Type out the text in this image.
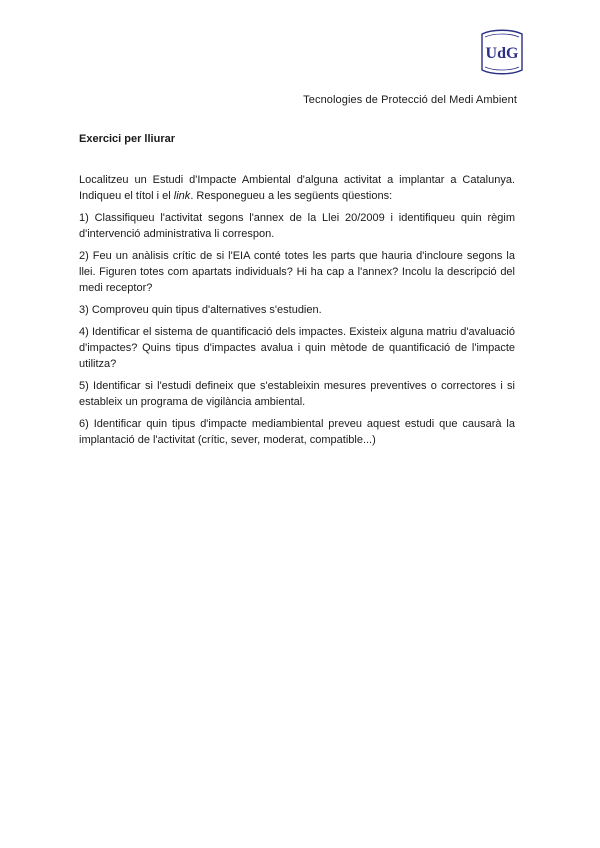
UdG
Tecnologies de Protecció del Medi Ambient
Exercici per lliurar

Localitzeu un Estudi d'Impacte Ambiental d'alguna activitat a implantar a Catalunya. Indiqueu el títol i el link. Responegueu a les següents qüestions:

1) Classifiqueu l'activitat segons l'annex de la Llei 20/2009 i identifiqueu quin règim d'intervenció administrativa li correspon.

2) Feu un anàlisis crític de si l'EIA conté totes les parts que hauria d'incloure segons la llei. Figuren totes com apartats individuals? Hi ha cap a l'annex? Incolu la descripció del medi receptor?

3) Comproveu quin tipus d'alternatives s'estudien.

4) Identificar el sistema de quantificació dels impactes. Existeix alguna matriu d'avaluació d'impactes? Quins tipus d'impactes avalua i quin mètode de quantificació de l'impacte utilitza?

5) Identificar si l'estudi defineix que s'estableixin mesures preventives o correctores i si estableix un programa de vigilància ambiental.

6) Identificar quin tipus d'impacte mediambiental preveu aquest estudi que causarà la implantació de l'activitat (crític, sever, moderat, compatible...)
